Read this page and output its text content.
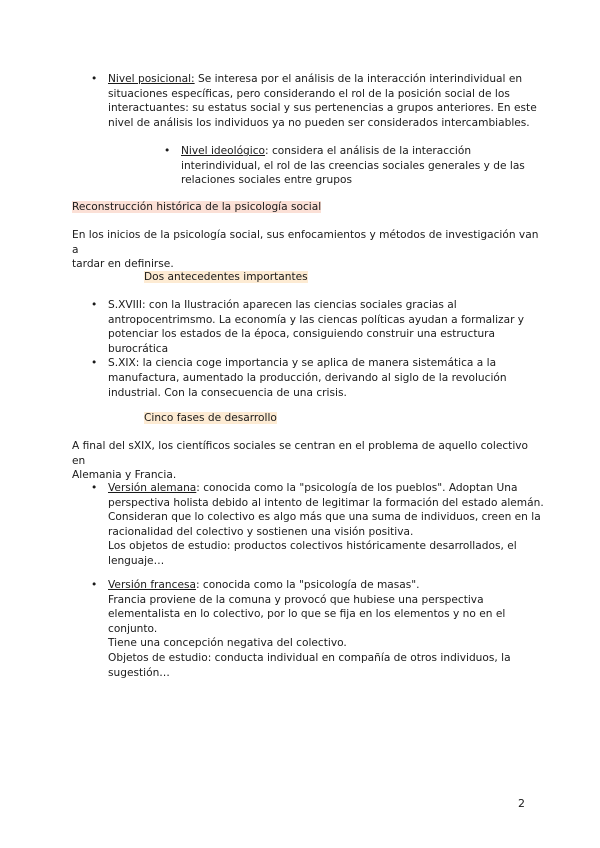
• Nivel posicional: Se interesa por el análisis de la interacción interindividual en
situaciones específicas, pero considerando el rol de la posición social de los
interactuantes: su estatus social y sus pertenencias a grupos anteriores. En este
nivel de análisis los individuos ya no pueden ser considerados intercambiables.
• Nivel ideológico: considera el análisis de la interacción
interindividual, el rol de las creencias sociales generales y de las
relaciones sociales entre grupos
Reconstrucción histórica de la psicología social
En los inicios de la psicología social, sus enfocamientos y métodos de investigación van a
tardar en definirse.
Dos antecedentes importantes
• S.XVIII: con la Ilustración aparecen las ciencias sociales gracias al
antropocentrimsmo. La economía y las ciencas políticas ayudan a formalizar y
potenciar los estados de la época, consiguiendo construir una estructura
burocrática
• S.XIX: la ciencia coge importancia y se aplica de manera sistemática a la
manufactura, aumentado la producción, derivando al siglo de la revolución
industrial. Con la consecuencia de una crisis.
Cinco fases de desarrollo
A final del sXIX, los científicos sociales se centran en el problema de aquello colectivo en
Alemania y Francia.
• Versión alemana: conocida como la "psicología de los pueblos". Adoptan Una
perspectiva holista debido al intento de legitimar la formación del estado alemán.
Consideran que lo colectivo es algo más que una suma de individuos, creen en la
racionalidad del colectivo y sostienen una visión positiva.
Los objetos de estudio: productos colectivos históricamente desarrollados, el
lenguaje…
• Versión francesa: conocida como la "psicología de masas".
Francia proviene de la comuna y provocó que hubiese una perspectiva
elementalista en lo colectivo, por lo que se fija en los elementos y no en el
conjunto.
Tiene una concepción negativa del colectivo.
Objetos de estudio: conducta individual en compañía de otros individuos, la
sugestión…
2
